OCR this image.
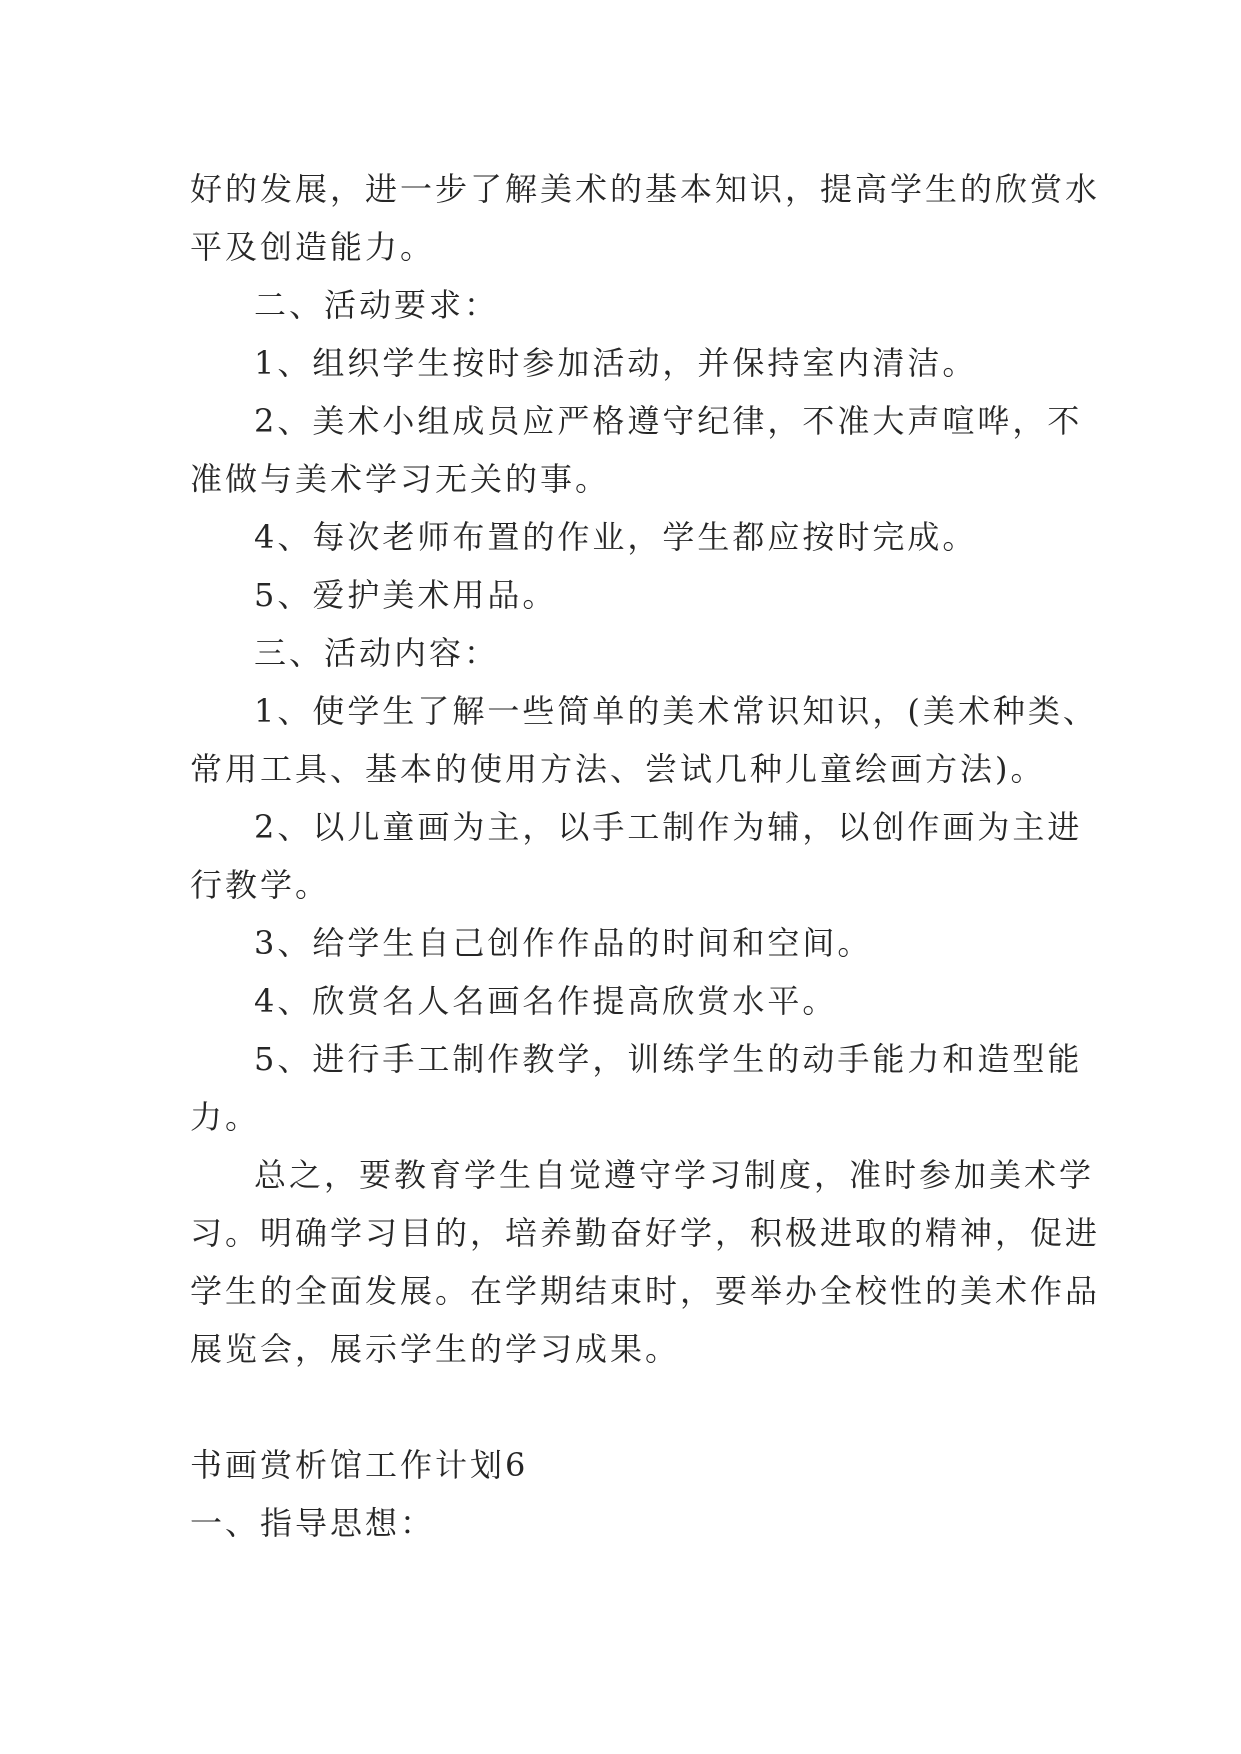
好的发展，进一步了解美术的基本知识，提高学生的欣赏水

平及创造能力。

二、活动要求：

1、组织学生按时参加活动，并保持室内清洁。

2、美术小组成员应严格遵守纪律，不准大声喧哗，不

准做与美术学习无关的事。

4、每次老师布置的作业，学生都应按时完成。

5、爱护美术用品。

三、活动内容：

1、使学生了解一些简单的美术常识知识，(美术种类、

常用工具、基本的使用方法、尝试几种儿童绘画方法)。

2、以儿童画为主，以手工制作为辅，以创作画为主进

行教学。

3、给学生自己创作作品的时间和空间。

4、欣赏名人名画名作提高欣赏水平。

5、进行手工制作教学，训练学生的动手能力和造型能

力。

总之，要教育学生自觉遵守学习制度，准时参加美术学

习。明确学习目的，培养勤奋好学，积极进取的精神，促进

学生的全面发展。在学期结束时，要举办全校性的美术作品

展览会，展示学生的学习成果。

书画赏析馆工作计划6

一、指导思想：
